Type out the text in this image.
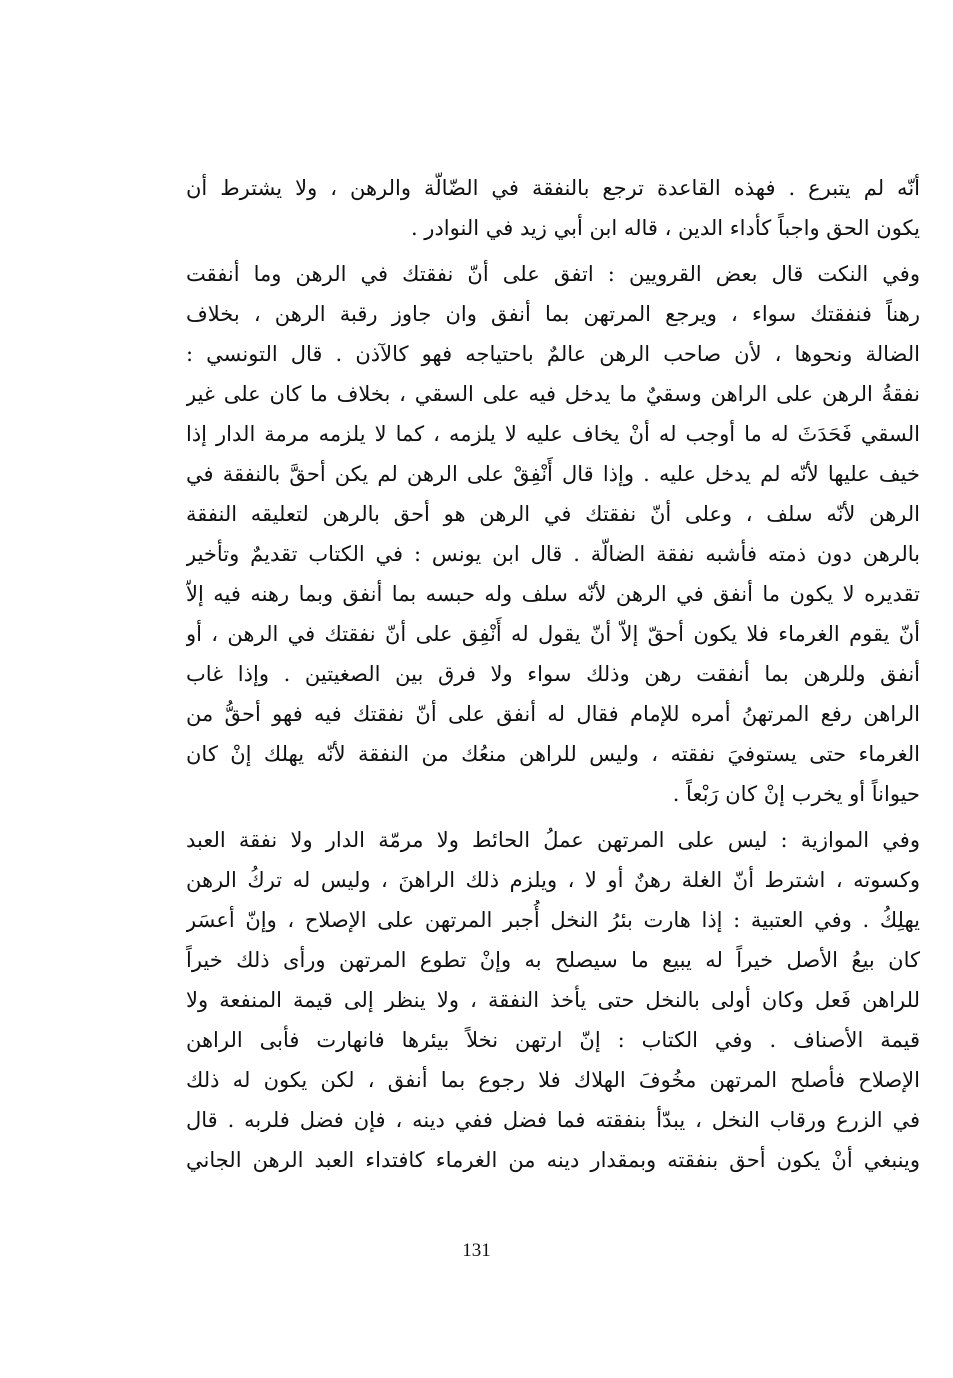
أنّه لم يتبرع . فهذه القاعدة ترجع بالنفقة في الضّالّة والرهن ، ولا يشترط أن
يكون الحق واجباً كأداء الدين ، قاله ابن أبي زيد في النوادر .
وفي النكت قال بعض القرويين : اتفق على أنّ نفقتك في الرهن وما أنفقت
رهناً فنفقتك سواء ، ويرجع المرتهن بما أنفق وان جاوز رقبة الرهن ، بخلاف
الضالة ونحوها ، لأن صاحب الرهن عالمٌ باحتياجه فهو كالآذن . قال التونسي :
نفقةُ الرهن على الراهن وسقيٌ ما يدخل فيه على السقي ، بخلاف ما كان على غير
السقي فَحَدَثَ له ما أوجب له أنْ يخاف عليه لا يلزمه ، كما لا يلزمه مرمة الدار إذا
خيف عليها لأنّه لم يدخل عليه . وإذا قال أَنْفِقْ على الرهن لم يكن أحقَّ بالنفقة في
الرهن لأنّه سلف ، وعلى أنّ نفقتك في الرهن هو أحق بالرهن لتعليقه النفقة
بالرهن دون ذمته فأشبه نفقة الضالّة . قال ابن يونس : في الكتاب تقديمٌ وتأخير
تقديره لا يكون ما أنفق في الرهن لأنّه سلف وله حبسه بما أنفق وبما رهنه فيه إلاّ
أنّ يقوم الغرماء فلا يكون أحقّ إلاّ أنّ يقول له أَنْفِق على أنّ نفقتك في الرهن ، أو
أنفق وللرهن بما أنفقت رهن وذلك سواء ولا فرق بين الصغيتين . وإذا غاب
الراهن رفع المرتهنُ أمره للإمام فقال له أنفق على أنّ نفقتك فيه فهو أحقُّ من
الغرماء حتى يستوفيَ نفقته ، وليس للراهن منعُك من النفقة لأنّه يهلك إنْ كان
حيواناً أو يخرب إنْ كان رَبْعاً .
وفي الموازية : ليس على المرتهن عملُ الحائط ولا مرمّة الدار ولا نفقة العبد
وكسوته ، اشترط أنّ الغلة رهنٌ أو لا ، ويلزم ذلك الراهنَ ، وليس له تركُ الرهن
يهلِكُ . وفي العتبية : إذا هارت بئرُ النخل أُجبر المرتهن على الإصلاح ، وإنّ أعسَر
كان بيعُ الأصل خيراً له يبيع ما سيصلح به وإنْ تطوع المرتهن ورأى ذلك خيراً
للراهن فَعل وكان أولى بالنخل حتى يأخذ النفقة ، ولا ينظر إلى قيمة المنفعة ولا
قيمة الأصناف . وفي الكتاب : إنّ ارتهن نخلاً بيئرها فانهارت فأبى الراهن
الإصلاح فأصلح المرتهن مخُوفَ الهلاك فلا رجوع بما أنفق ، لكن يكون له ذلك
في الزرع ورقاب النخل ، يبدّأ بنفقته فما فضل ففي دينه ، فإن فضل فلربه . قال
وينبغي أنْ يكون أحق بنفقته وبمقدار دينه من الغرماء كافتداء العبد الرهن الجاني
131
